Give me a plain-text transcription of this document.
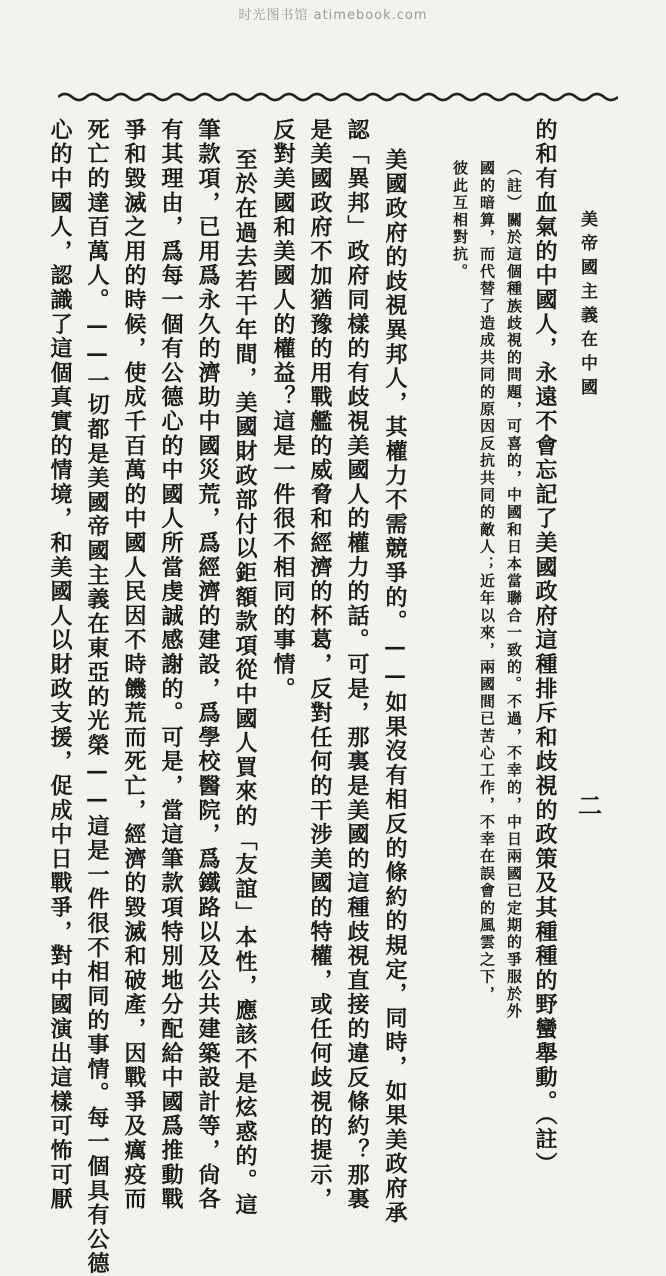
时光图书馆 atimebook.com
美帝國主義在中國
的和有血氣的中國人，永遠不會忘記了美國政府這種排斥和歧視的政策及其種種的野蠻舉動。（註）
（註）關於這個種族歧視的問題，可喜的，中國和日本當聯合一致的。不過，不幸的，中日兩國已定期的爭服於外
國的暗算，而代替了造成共同的原因反抗共同的敵人；近年以來，兩國間已苦心工作，不幸在誤會的風雲之下，
彼此互相對抗。
美國政府的歧視異邦人，其權力不需競爭的。——如果沒有相反的條約的規定，同時，如果美政府承
認「異邦」政府同樣的有歧視美國人的權力的話。可是，那裏是美國的這種歧視直接的違反條約？那裏
是美國政府不加猶豫的用戰艦的威脅和經濟的杯葛，反對任何的干涉美國的特權，或任何歧視的提示，
反對美國和美國人的權益？這是一件很不相同的事情。
至於在過去若干年間，美國財政部付以鉅額款項從中國人買來的「友誼」本性，應該不是炫惑的。這
筆款項，已用爲永久的濟助中國災荒，爲經濟的建設，爲學校醫院，爲鐵路以及公共建築設計等，尙各
有其理由，爲每一個有公德心的中國人所當虔誠感謝的。可是，當這筆款項特別地分配給中國爲推動戰
爭和毀滅之用的時候，使成千百萬的中國人民因不時饑荒而死亡，經濟的毀滅和破產，因戰爭及癘疫而
死亡的達百萬人。——一切都是美國帝國主義在東亞的光榮——這是一件很不相同的事情。每一個具有公德
心的中國人，認識了這個真實的情境，和美國人以財政支援，促成中日戰爭，對中國演出這樣可怖可厭	二
